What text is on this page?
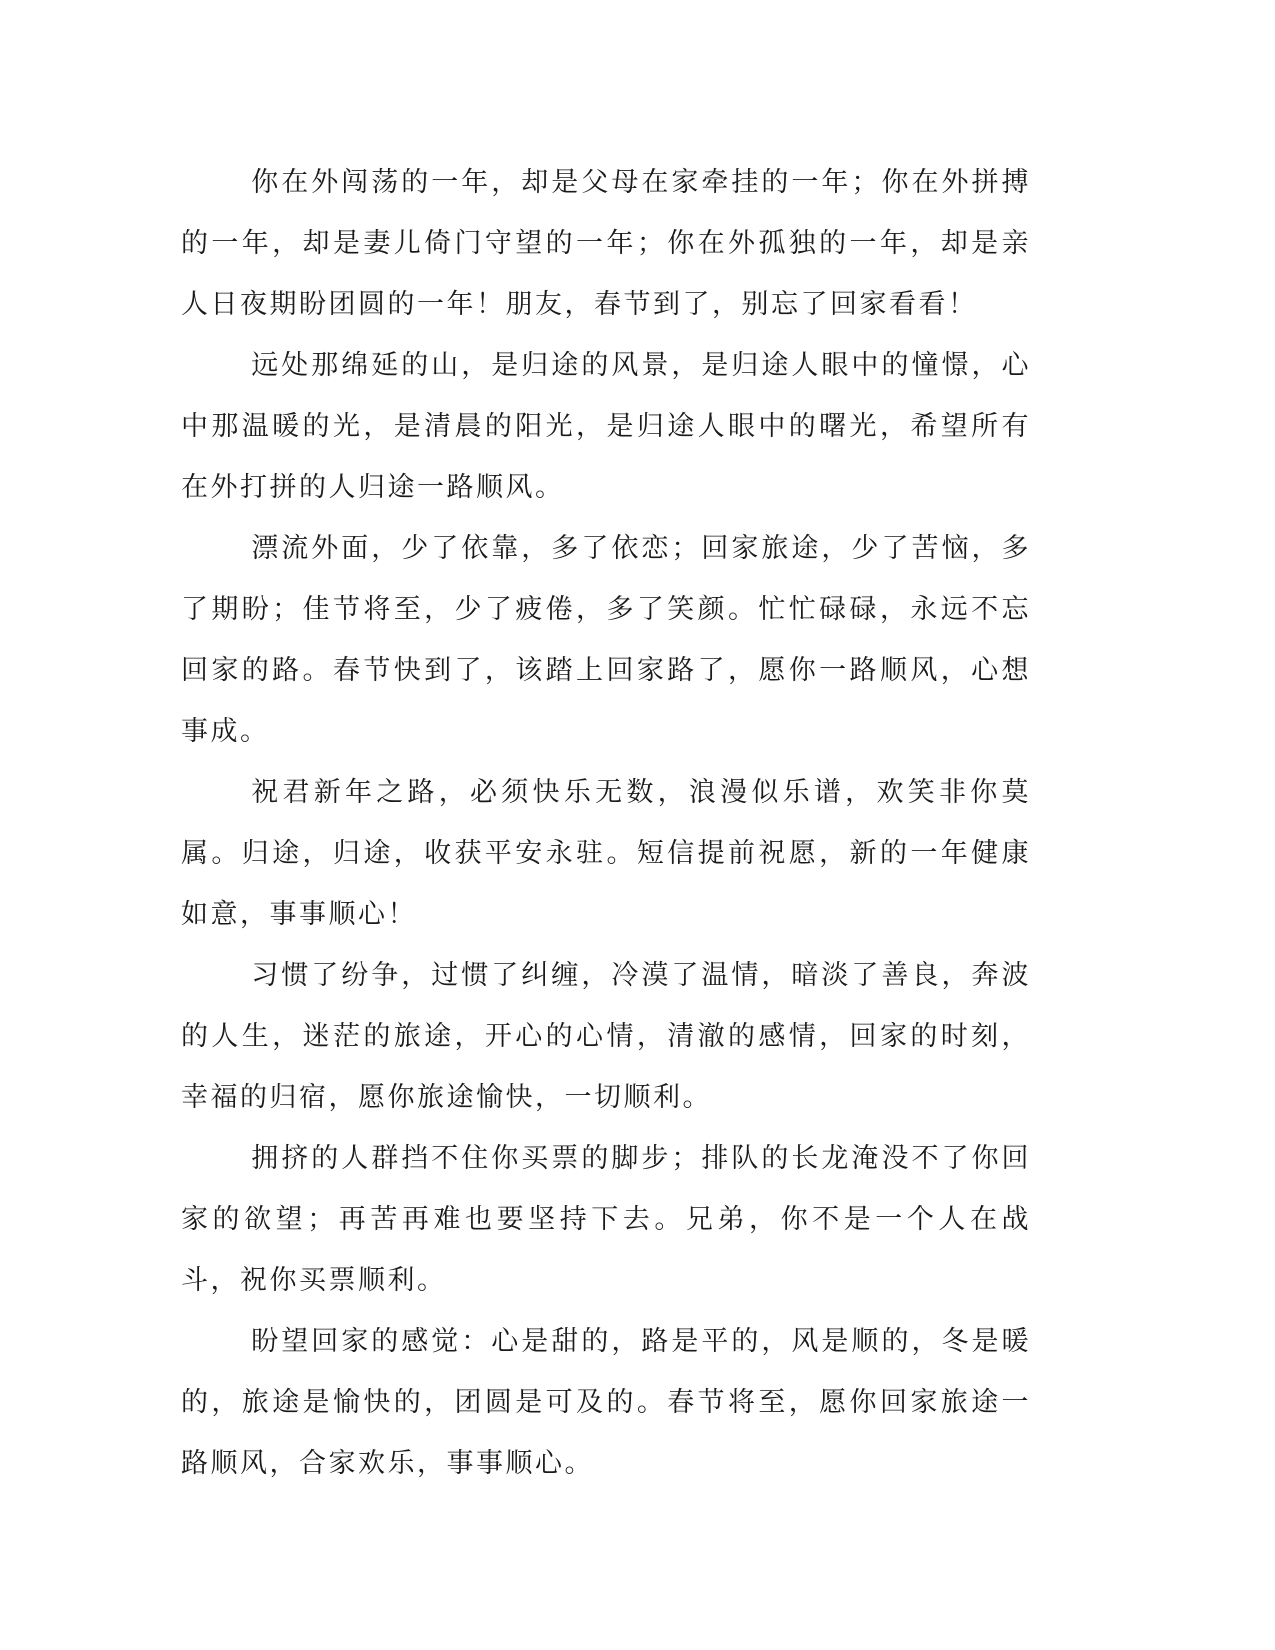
你在外闯荡的一年，却是父母在家牵挂的一年；你在外拼搏的一年，却是妻儿倚门守望的一年；你在外孤独的一年，却是亲人日夜期盼团圆的一年！朋友，春节到了，别忘了回家看看！

远处那绵延的山，是归途的风景，是归途人眼中的憧憬，心中那温暖的光，是清晨的阳光，是归途人眼中的曙光，希望所有在外打拼的人归途一路顺风。

漂流外面，少了依靠，多了依恋；回家旅途，少了苦恼，多了期盼；佳节将至，少了疲倦，多了笑颜。忙忙碌碌，永远不忘回家的路。春节快到了，该踏上回家路了，愿你一路顺风，心想事成。

祝君新年之路，必须快乐无数，浪漫似乐谱，欢笑非你莫属。归途，归途，收获平安永驻。短信提前祝愿，新的一年健康如意，事事顺心！

习惯了纷争，过惯了纠缠，冷漠了温情，暗淡了善良，奔波的人生，迷茫的旅途，开心的心情，清澈的感情，回家的时刻，幸福的归宿，愿你旅途愉快，一切顺利。

拥挤的人群挡不住你买票的脚步；排队的长龙淹没不了你回家的欲望；再苦再难也要坚持下去。兄弟，你不是一个人在战斗，祝你买票顺利。

盼望回家的感觉：心是甜的，路是平的，风是顺的，冬是暖的，旅途是愉快的，团圆是可及的。春节将至，愿你回家旅途一路顺风，合家欢乐，事事顺心。
